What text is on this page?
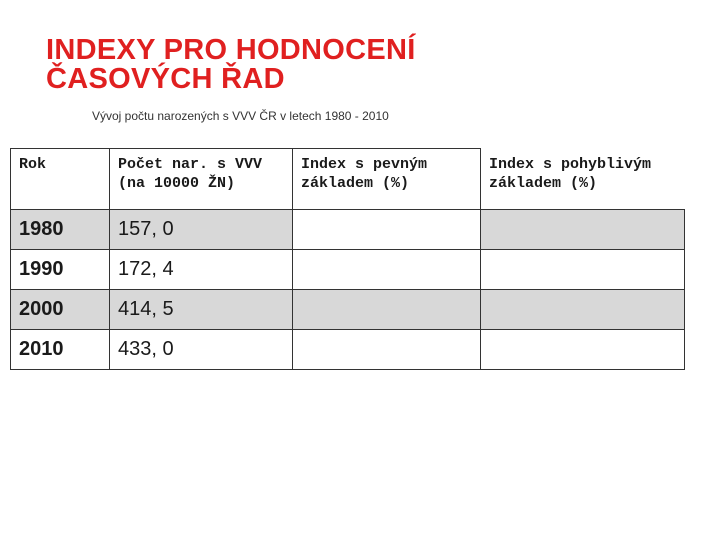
INDEXY PRO HODNOCENÍ
ČASOVÝCH ŘAD

Vývoj počtu narozených s VVV ČR v letech 1980 - 2010

Rok	Počet nar. s VVV (na 10000 ŽN)	Index s pevným základem (%)	Index s pohyblivým základem (%)
1980	157, 0		
1990	172, 4		
2000	414, 5		
2010	433, 0		
